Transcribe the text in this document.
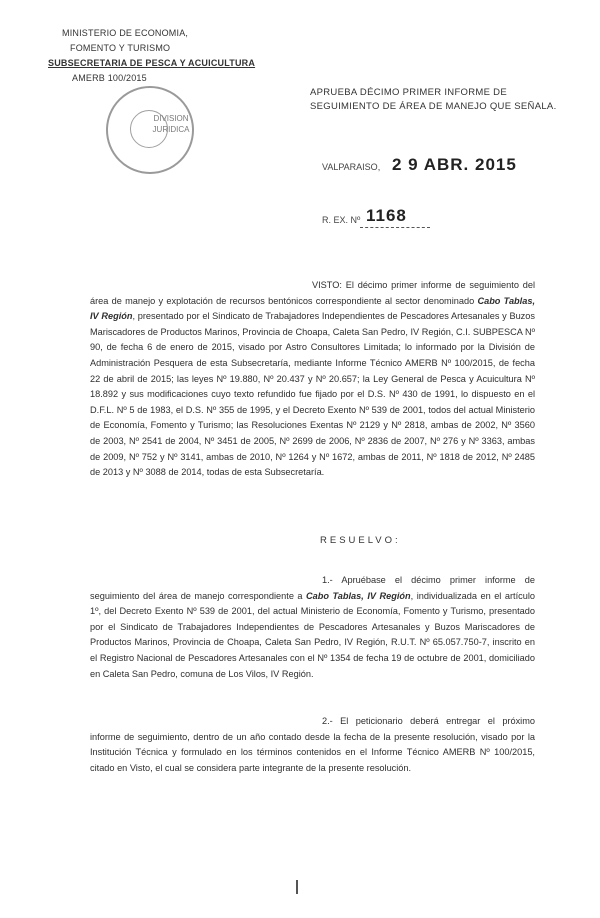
MINISTERIO DE ECONOMIA,
FOMENTO Y TURISMO
SUBSECRETARIA DE PESCA Y ACUICULTURA
AMERB 100/2015
DIVISION
JURIDICA
APRUEBA DÉCIMO PRIMER INFORME DE SEGUIMIENTO DE ÁREA DE MANEJO QUE SEÑALA.
VALPARAISO, 2 9 ABR. 2015
R. EX. Nº 1168
VISTO: El décimo primer informe de seguimiento del área de manejo y explotación de recursos bentónicos correspondiente al sector denominado Cabo Tablas, IV Región, presentado por el Sindicato de Trabajadores Independientes de Pescadores Artesanales y Buzos Mariscadores de Productos Marinos, Provincia de Choapa, Caleta San Pedro, IV Región, C.I. SUBPESCA Nº 90, de fecha 6 de enero de 2015, visado por Astro Consultores Limitada; lo informado por la División de Administración Pesquera de esta Subsecretaría, mediante Informe Técnico AMERB Nº 100/2015, de fecha 22 de abril de 2015; las leyes Nº 19.880, Nº 20.437 y Nº 20.657; la Ley General de Pesca y Acuicultura Nº 18.892 y sus modificaciones cuyo texto refundido fue fijado por el D.S. Nº 430 de 1991, lo dispuesto en el D.F.L. Nº 5 de 1983, el D.S. Nº 355 de 1995, y el Decreto Exento Nº 539 de 2001, todos del actual Ministerio de Economía, Fomento y Turismo; las Resoluciones Exentas Nº 2129 y Nº 2818, ambas de 2002, Nº 3560 de 2003, Nº 2541 de 2004, Nº 3451 de 2005, Nº 2699 de 2006, Nº 2836 de 2007, Nº 276 y Nº 3363, ambas de 2009, Nº 752 y Nº 3141, ambas de 2010, Nº 1264 y Nº 1672, ambas de 2011, Nº 1818 de 2012, Nº 2485 de 2013 y Nº 3088 de 2014, todas de esta Subsecretaría.
RESUELVO:
1.- Apruébase el décimo primer informe de seguimiento del área de manejo correspondiente a Cabo Tablas, IV Región, individualizada en el artículo 1º, del Decreto Exento Nº 539 de 2001, del actual Ministerio de Economía, Fomento y Turismo, presentado por el Sindicato de Trabajadores Independientes de Pescadores Artesanales y Buzos Mariscadores de Productos Marinos, Provincia de Choapa, Caleta San Pedro, IV Región, R.U.T. Nº 65.057.750-7, inscrito en el Registro Nacional de Pescadores Artesanales con el Nº 1354 de fecha 19 de octubre de 2001, domiciliado en Caleta San Pedro, comuna de Los Vilos, IV Región.
2.- El peticionario deberá entregar el próximo informe de seguimiento, dentro de un año contado desde la fecha de la presente resolución, visado por la Institución Técnica y formulado en los términos contenidos en el Informe Técnico AMERB Nº 100/2015, citado en Visto, el cual se considera parte integrante de la presente resolución.
